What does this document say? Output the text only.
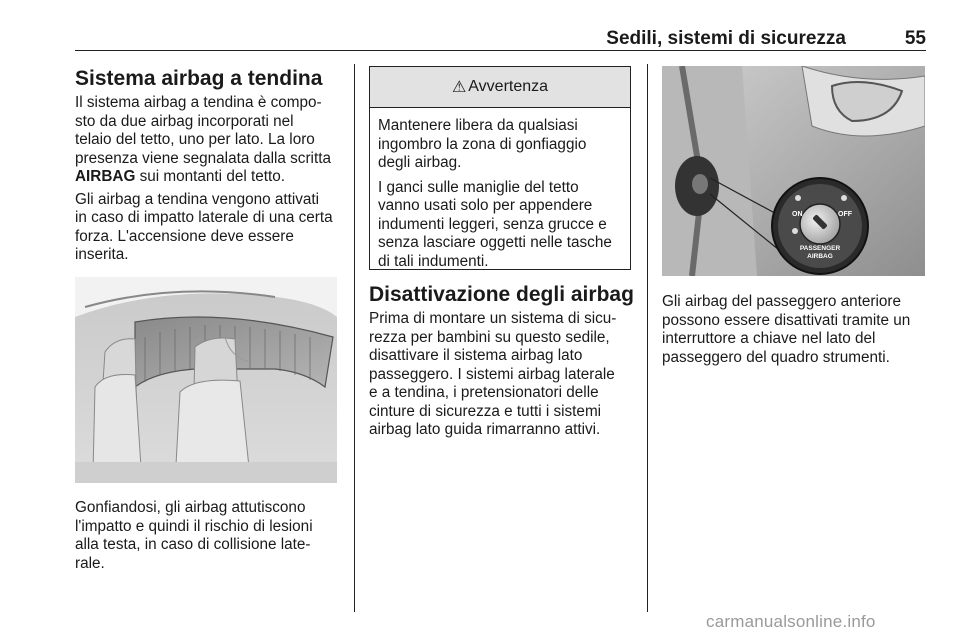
Sedili, sistemi di sicurezza	55
Sistema airbag a tendina

Il sistema airbag a tendina è compo-
sto da due airbag incorporati nel
telaio del tetto, uno per lato. La loro
presenza viene segnalata dalla scritta
AIRBAG sui montanti del tetto.

Gli airbag a tendina vengono attivati
in caso di impatto laterale di una certa
forza. L'accensione deve essere
inserita.

Gonfiandosi, gli airbag attutiscono
l'impatto e quindi il rischio di lesioni
alla testa, in caso di collisione late-
rale.

⚠ Avvertenza

Mantenere libera da qualsiasi
ingombro la zona di gonfiaggio
degli airbag.

I ganci sulle maniglie del tetto
vanno usati solo per appendere
indumenti leggeri, senza grucce e
senza lasciare oggetti nelle tasche
di tali indumenti.

Disattivazione degli airbag

Prima di montare un sistema di sicu-
rezza per bambini su questo sedile,
disattivare il sistema airbag lato
passeggero. I sistemi airbag laterale
e a tendina, i pretensionatori delle
cinture di sicurezza e tutti i sistemi
airbag lato guida rimarranno attivi.

ON	OFF
PASSENGER
AIRBAG

Gli airbag del passeggero anteriore
possono essere disattivati tramite un
interruttore a chiave nel lato del
passeggero del quadro strumenti.

carmanualsonline.info
